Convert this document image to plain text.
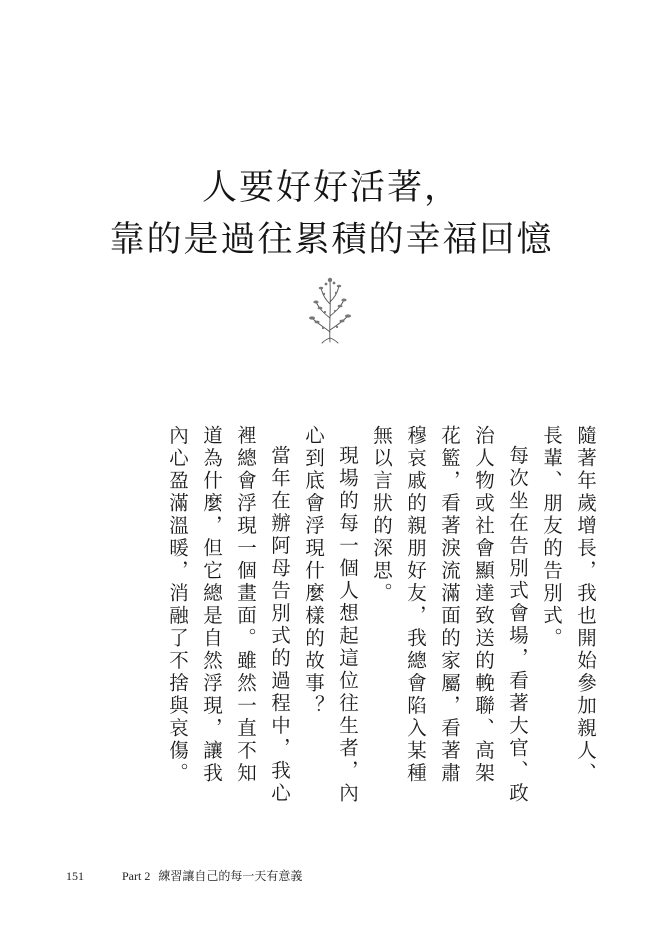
人要好好活著，
靠的是過往累積的幸福回憶

隨著年歲增長，我也開始參加親人、長輩、朋友的告別式。

每次坐在告別式會場，看著大官、政治人物或社會顯達致送的輓聯、高架花籃，看著淚流滿面的家屬，看著肅穆哀戚的親朋好友，我總會陷入某種無以言狀的深思。

現場的每一個人想起這位往生者，內心到底會浮現什麼樣的故事？

當年在辦阿母告別式的過程中，我心裡總會浮現一個畫面。雖然一直不知道為什麼，但它總是自然浮現，讓我內心盈滿溫暖，消融了不捨與哀傷。

151	Part 2 練習讓自己的每一天有意義
